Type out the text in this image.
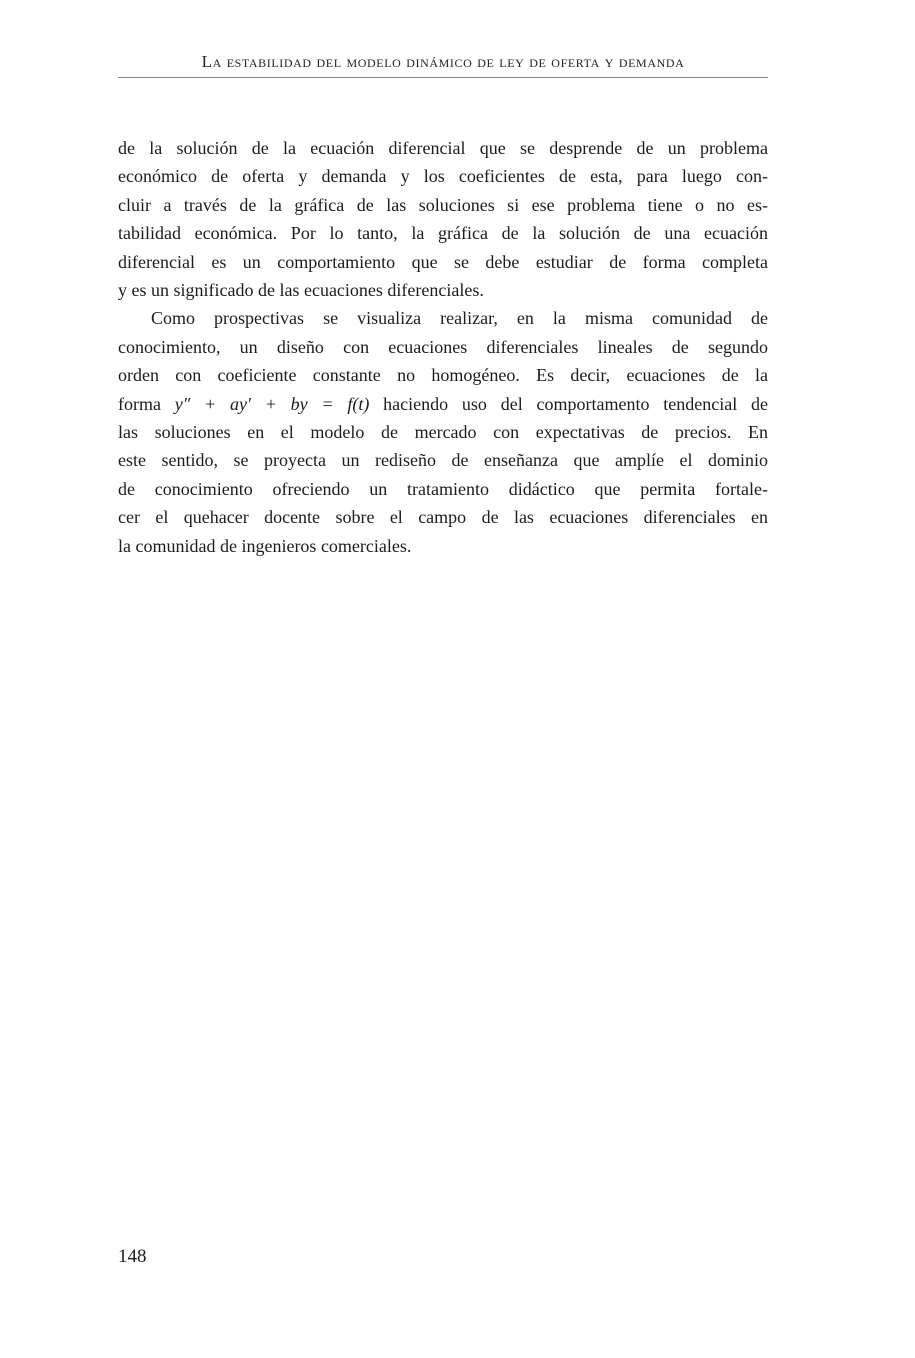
La estabilidad del modelo dinámico de ley de oferta y demanda
de la solución de la ecuación diferencial que se desprende de un problema
económico de oferta y demanda y los coeficientes de esta, para luego con-
cluir a través de la gráfica de las soluciones si ese problema tiene o no es-
tabilidad económica. Por lo tanto, la gráfica de la solución de una ecuación
diferencial es un comportamiento que se debe estudiar de forma completa
y es un significado de las ecuaciones diferenciales.
Como prospectivas se visualiza realizar, en la misma comunidad de
conocimiento, un diseño con ecuaciones diferenciales lineales de segundo
orden con coeficiente constante no homogéneo. Es decir, ecuaciones de la
forma y″ + ay′ + by = f(t) haciendo uso del comportamento tendencial de
las soluciones en el modelo de mercado con expectativas de precios. En
este sentido, se proyecta un rediseño de enseñanza que amplíe el dominio
de conocimiento ofreciendo un tratamiento didáctico que permita fortale-
cer el quehacer docente sobre el campo de las ecuaciones diferenciales en
la comunidad de ingenieros comerciales.
148
